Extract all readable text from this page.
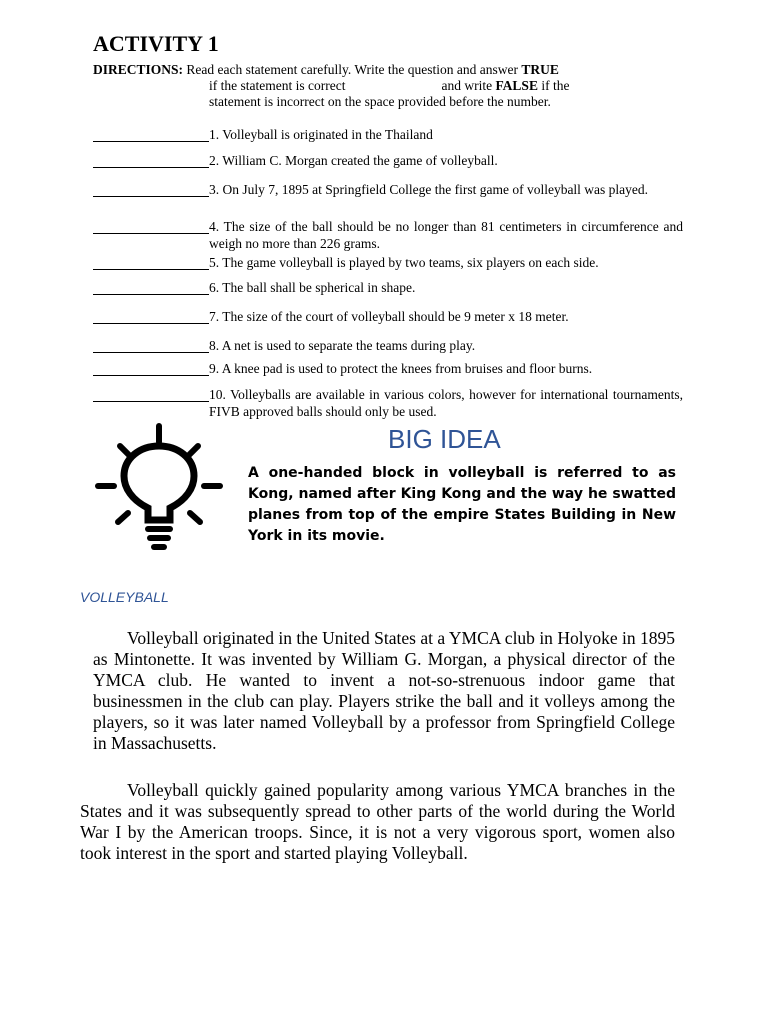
ACTIVITY 1
DIRECTIONS: Read each statement carefully. Write the question and answer TRUE
if the statement is correct	and write FALSE if the
statement is incorrect on the space provided before the number.
1. Volleyball is originated in the Thailand
2. William C. Morgan created the game of volleyball.
3. On July 7, 1895 at Springfield College the first game of volleyball was played.
4. The size of the ball should be no longer than 81 centimeters in circumference and weigh no more than 226 grams.
5. The game volleyball is played by two teams, six players on each side.
6. The ball shall be spherical in shape.
7. The size of the court of volleyball should be 9 meter x 18 meter.
8. A net is used to separate the teams during play.
9. A knee pad is used to protect the knees from bruises and floor burns.
10. Volleyballs are available in various colors, however for international tournaments, FIVB approved balls should only be used.
BIG IDEA
A one-handed block in volleyball is referred to as Kong, named after King Kong and the way he swatted planes from top of the empire States Building in New York in its movie.
VOLLEYBALL
Volleyball originated in the United States at a YMCA club in Holyoke in 1895 as Mintonette. It was invented by William G. Morgan, a physical director of the YMCA club. He wanted to invent a not-so-strenuous indoor game that businessmen in the club can play. Players strike the ball and it volleys among the players, so it was later named Volleyball by a professor from Springfield College in Massachusetts.
Volleyball quickly gained popularity among various YMCA branches in the States and it was subsequently spread to other parts of the world during the World War I by the American troops. Since, it is not a very vigorous sport, women also took interest in the sport and started playing Volleyball.
